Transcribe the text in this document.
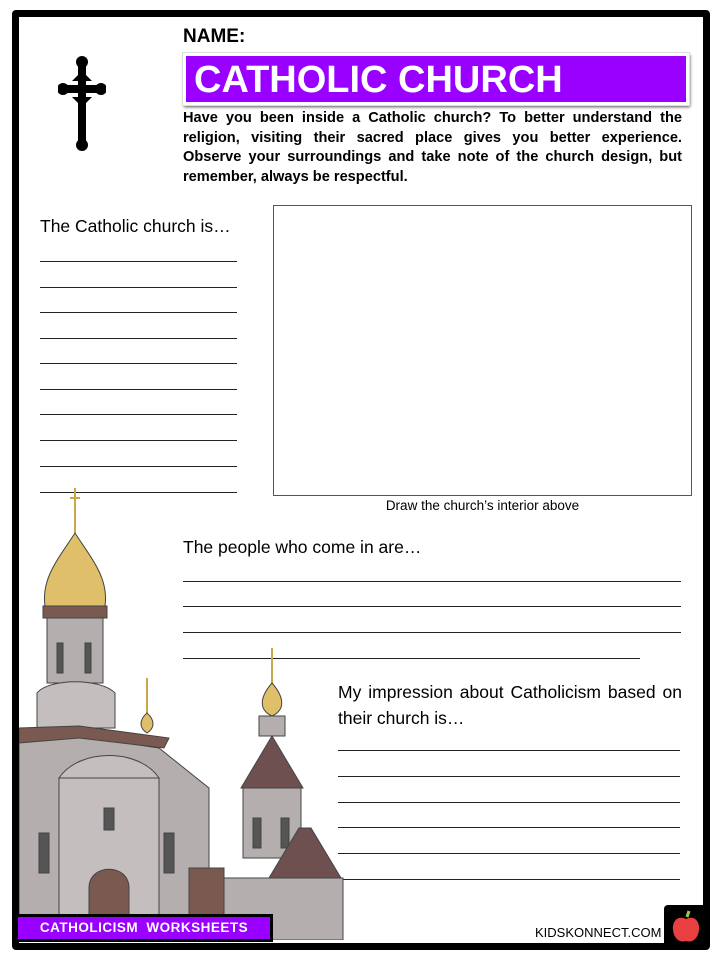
NAME:
CATHOLIC CHURCH
Have you been inside a Catholic church? To better understand the religion, visiting their sacred place gives you better experience. Observe your surroundings and take note of the church design, but remember, always be respectful.
The Catholic church is…
Draw the church’s interior above
The people who come in are…
My impression about Catholicism based on their church is…
CATHOLICISM WORKSHEETS	KIDSKONNECT.COM
